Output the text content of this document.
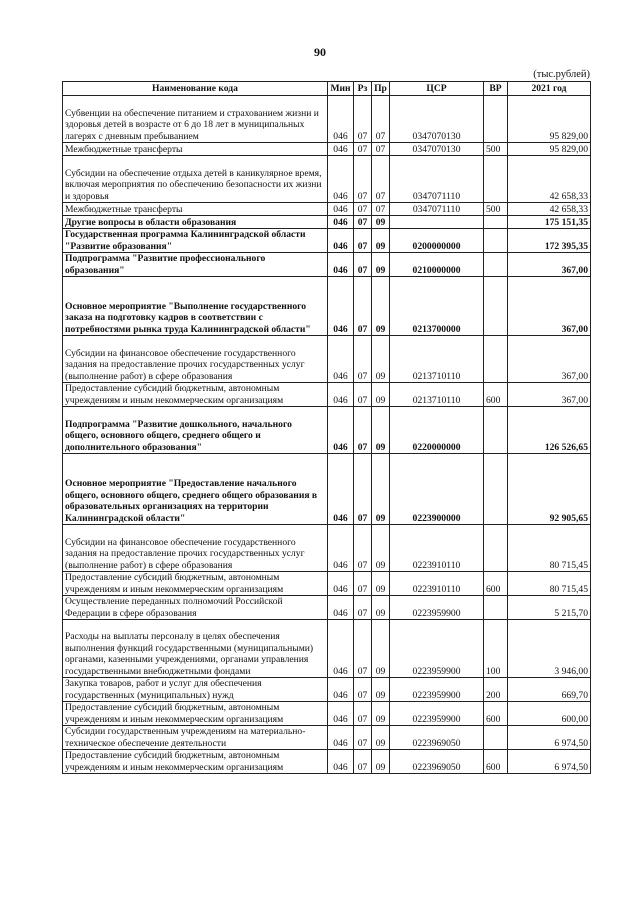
90
(тыс.рублей)
Наименование кода	Мин	Рз	Пр	ЦСР	ВР	2021 год
Субвенции на обеспечение питанием и страхованием жизни и здоровья детей в возрасте от 6 до 18 лет в муниципальных лагерях с дневным пребыванием	046	07	07	0347070130		95 829,00
Межбюджетные трансферты	046	07	07	0347070130	500	95 829,00
Субсидии на обеспечение отдыха детей в каникулярное время, включая мероприятия по обеспечению безопасности их жизни и здоровья	046	07	07	0347071110		42 658,33
Межбюджетные трансферты	046	07	07	0347071110	500	42 658,33
Другие вопросы в области образования	046	07	09			175 151,35
Государственная программа Калининградской области "Развитие образования"	046	07	09	0200000000		172 395,35
Подпрограмма "Развитие профессионального образования"	046	07	09	0210000000		367,00
Основное мероприятие "Выполнение государственного заказа на подготовку кадров в соответствии с потребностями рынка труда Калининградской области"	046	07	09	0213700000		367,00
Субсидии на финансовое обеспечение государственного задания на предоставление прочих государственных услуг (выполнение работ) в сфере образования	046	07	09	0213710110		367,00
Предоставление субсидий бюджетным, автономным учреждениям и иным некоммерческим организациям	046	07	09	0213710110	600	367,00
Подпрограмма "Развитие дошкольного, начального общего, основного общего, среднего общего и дополнительного образования"	046	07	09	0220000000		126 526,65
Основное мероприятие "Предоставление начального общего, основного общего, среднего общего образования в образовательных организациях на территории Калининградской области"	046	07	09	0223900000		92 905,65
Субсидии на финансовое обеспечение государственного задания на предоставление прочих государственных услуг (выполнение работ) в сфере образования	046	07	09	0223910110		80 715,45
Предоставление субсидий бюджетным, автономным учреждениям и иным некоммерческим организациям	046	07	09	0223910110	600	80 715,45
Осуществление переданных полномочий Российской Федерации в сфере образования	046	07	09	0223959900		5 215,70
Расходы на выплаты персоналу в целях обеспечения выполнения функций государственными (муниципальными) органами, казенными учреждениями, органами управления государственными внебюджетными фондами	046	07	09	0223959900	100	3 946,00
Закупка товаров, работ и услуг для обеспечения государственных (муниципальных) нужд	046	07	09	0223959900	200	669,70
Предоставление субсидий бюджетным, автономным учреждениям и иным некоммерческим организациям	046	07	09	0223959900	600	600,00
Субсидии государственным учреждениям на материально-техническое обеспечение деятельности	046	07	09	0223969050		6 974,50
Предоставление субсидий бюджетным, автономным учреждениям и иным некоммерческим организациям	046	07	09	0223969050	600	6 974,50
